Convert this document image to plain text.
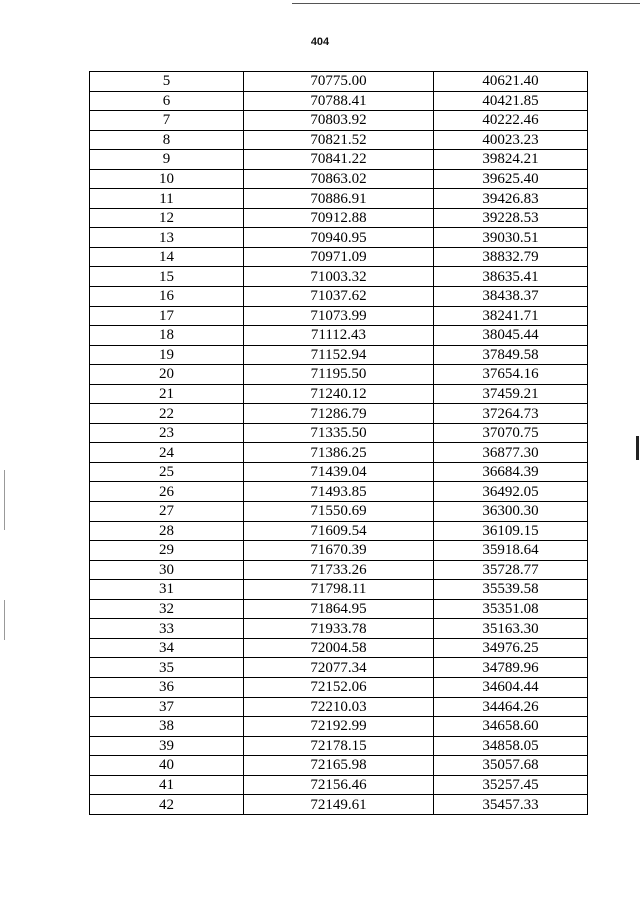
404
5	70775.00	40621.40
6	70788.41	40421.85
7	70803.92	40222.46
8	70821.52	40023.23
9	70841.22	39824.21
10	70863.02	39625.40
11	70886.91	39426.83
12	70912.88	39228.53
13	70940.95	39030.51
14	70971.09	38832.79
15	71003.32	38635.41
16	71037.62	38438.37
17	71073.99	38241.71
18	71112.43	38045.44
19	71152.94	37849.58
20	71195.50	37654.16
21	71240.12	37459.21
22	71286.79	37264.73
23	71335.50	37070.75
24	71386.25	36877.30
25	71439.04	36684.39
26	71493.85	36492.05
27	71550.69	36300.30
28	71609.54	36109.15
29	71670.39	35918.64
30	71733.26	35728.77
31	71798.11	35539.58
32	71864.95	35351.08
33	71933.78	35163.30
34	72004.58	34976.25
35	72077.34	34789.96
36	72152.06	34604.44
37	72210.03	34464.26
38	72192.99	34658.60
39	72178.15	34858.05
40	72165.98	35057.68
41	72156.46	35257.45
42	72149.61	35457.33
